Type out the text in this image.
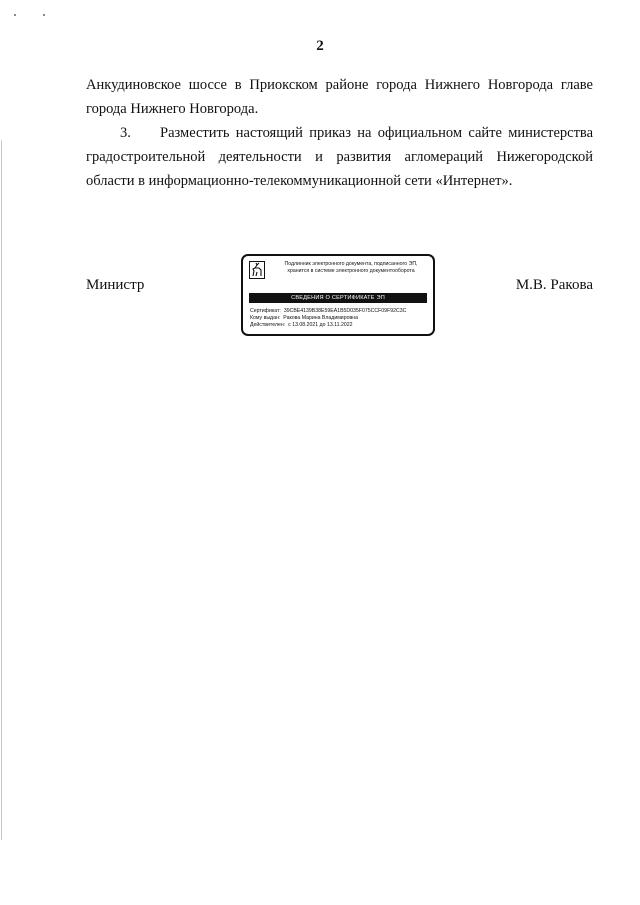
2
Анкудиновское шоссе в Приокском районе города Нижнего Новгорода главе города Нижнего Новгорода.
3. Разместить настоящий приказ на официальном сайте министерства градостроительной деятельности и развития агломераций Нижегородской области в информационно-телекоммуникационной сети «Интернет».
Министр
Подлинник электронного документа, подписанного ЭП,
хранится в системе электронного документооборота
СВЕДЕНИЯ О СЕРТИФИКАТЕ ЭП
Сертификат: 39CBE4139B38E59EA1B5D035F075CCF09F92C3C
Кому выдан: Ракова Марина Владимировна
Действителен: с 13.08.2021 до 13.11.2022
М.В. Ракова
